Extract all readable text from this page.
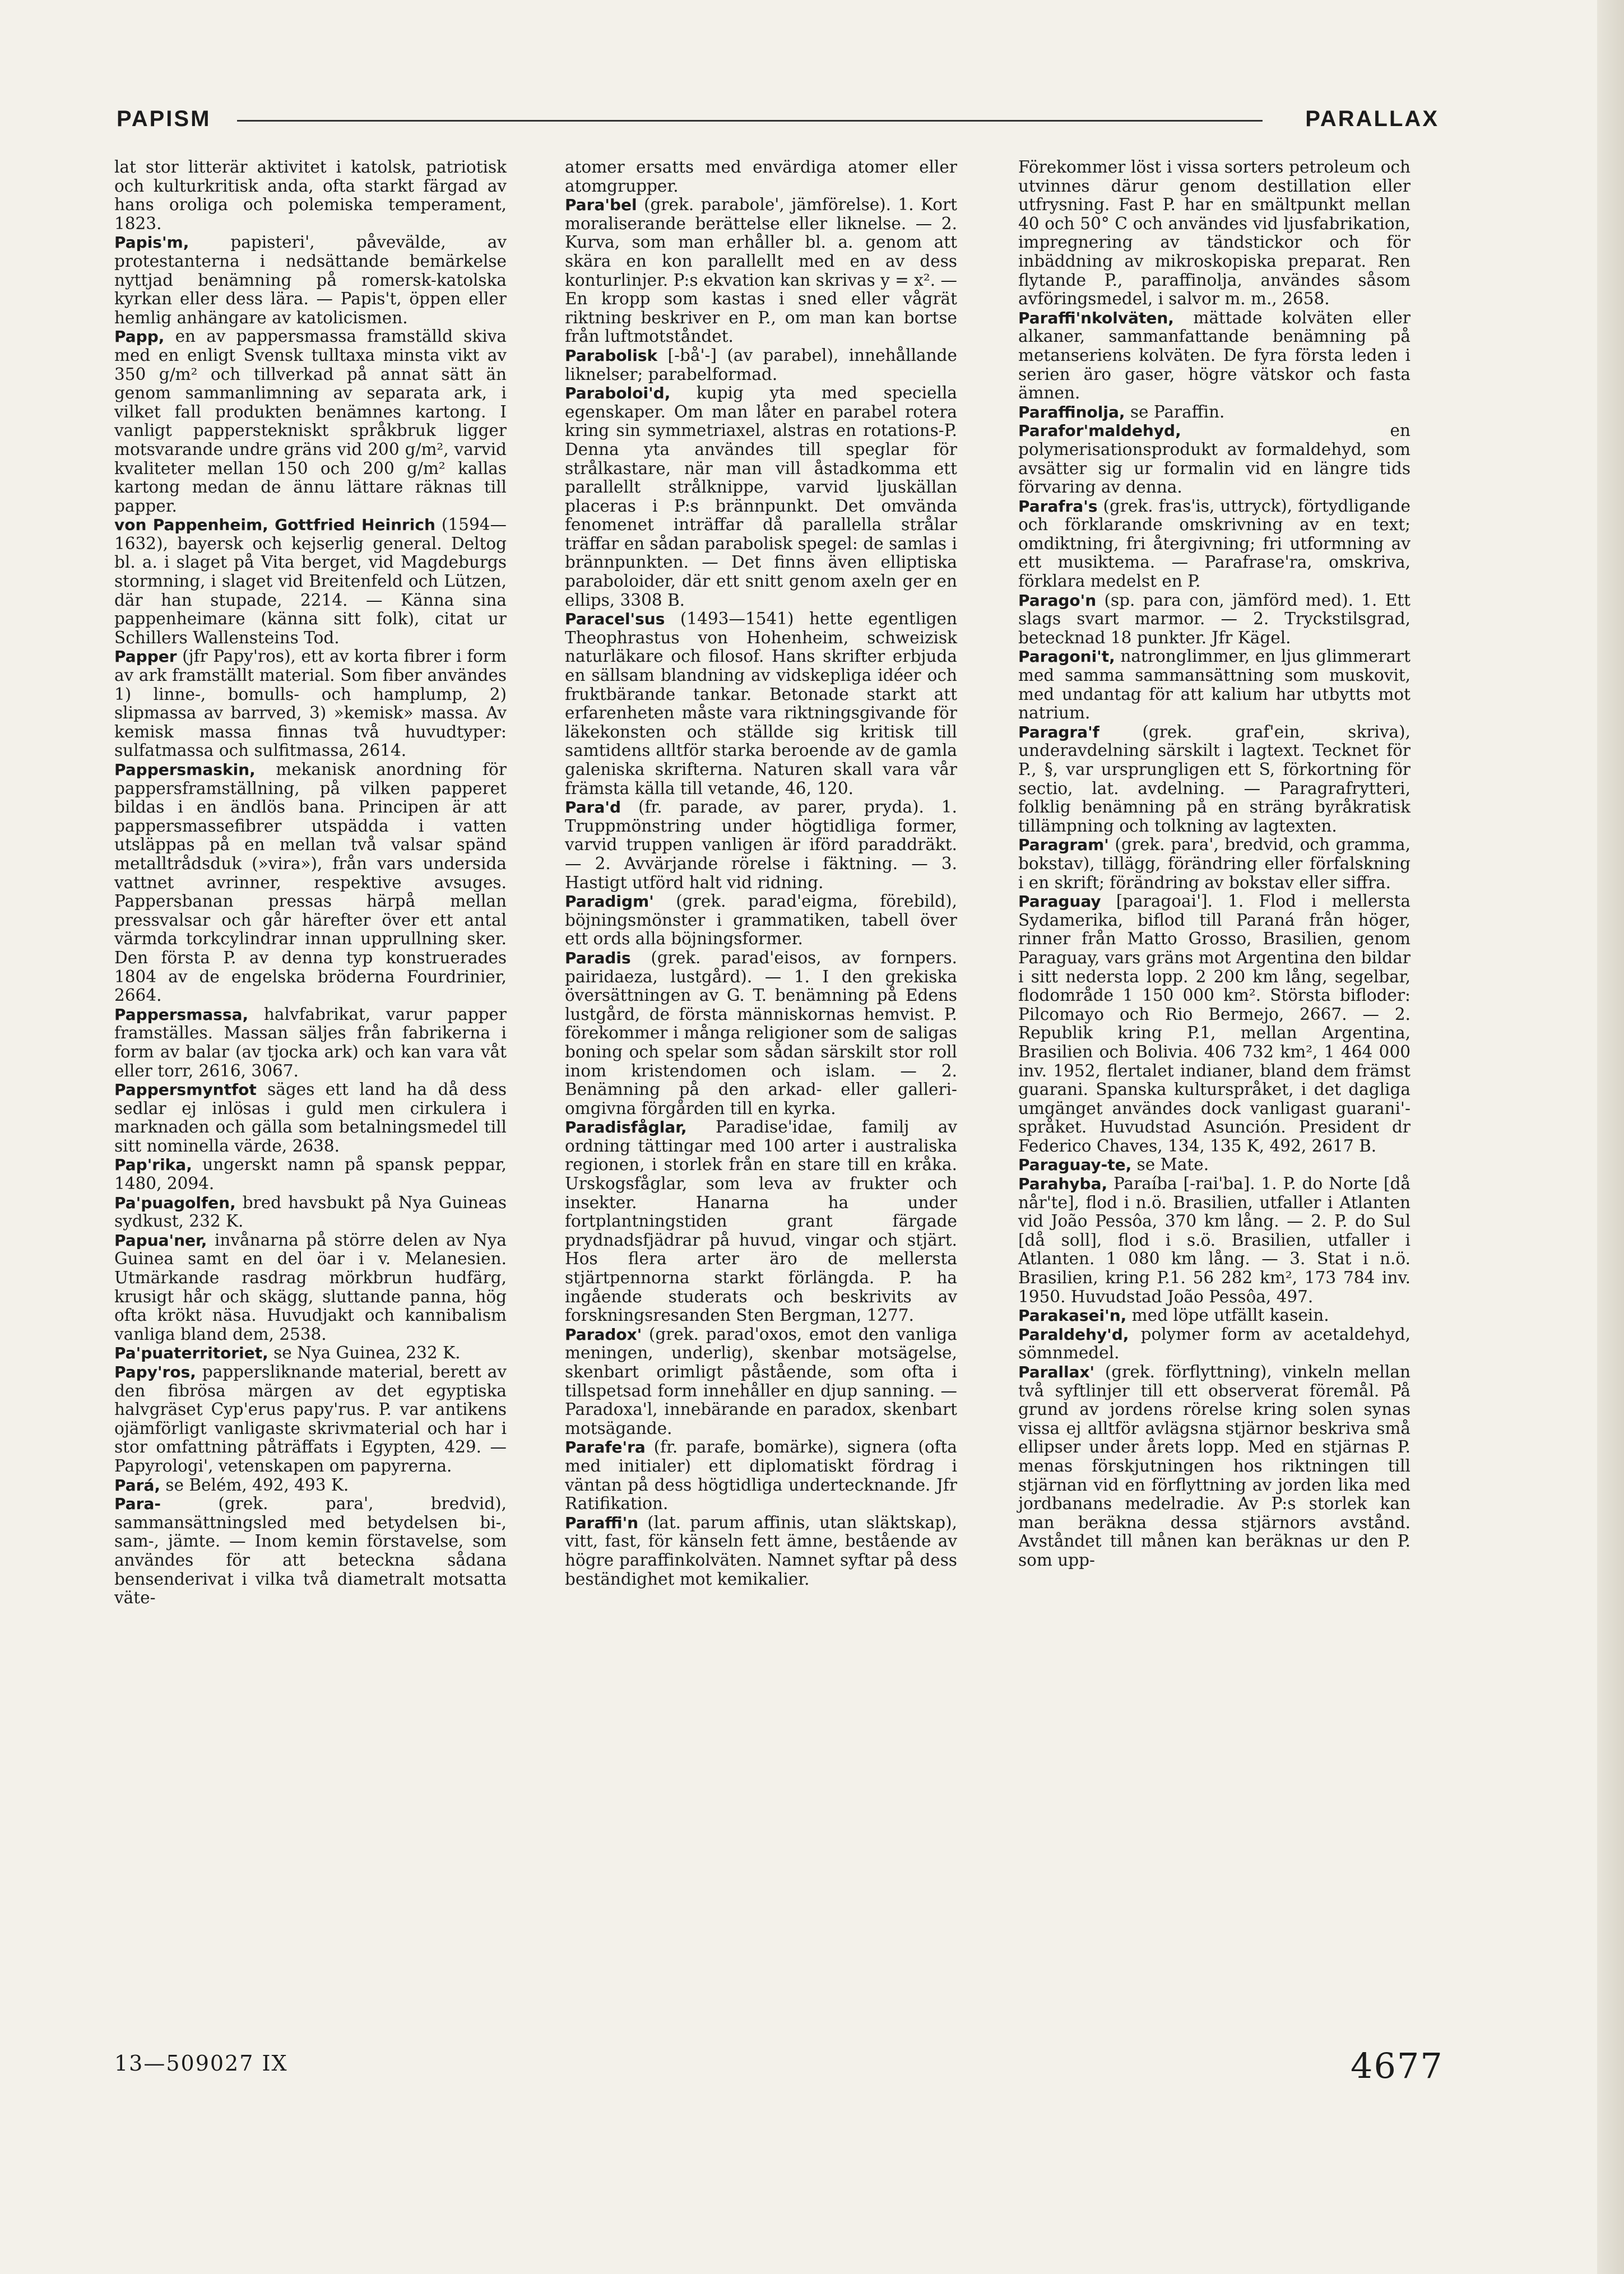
PAPISM	PARALLAX

lat stor litterär aktivitet i katolsk, patriotisk och kulturkritisk anda, ofta starkt färgad av hans oroliga och polemiska temperament, 1823.

Papis'm, papisteri', påvevälde, av protestanterna i nedsättande bemärkelse nyttjad benämning på romersk-katolska kyrkan eller dess lära. — Papis't, öppen eller hemlig anhängare av katolicismen.

Papp, en av pappersmassa framställd skiva med en enligt Svensk tulltaxa minsta vikt av 350 g/m² och tillverkad på annat sätt än genom sammanlimning av separata ark, i vilket fall produkten benämnes kartong. I vanligt papperstekniskt språkbruk ligger motsvarande undre gräns vid 200 g/m², varvid kvaliteter mellan 150 och 200 g/m² kallas kartong medan de ännu lättare räknas till papper.

von Pappenheim, Gottfried Heinrich (1594—1632), bayersk och kejserlig general. Deltog bl. a. i slaget på Vita berget, vid Magdeburgs stormning, i slaget vid Breitenfeld och Lützen, där han stupade, 2214. — Känna sina pappenheimare (känna sitt folk), citat ur Schillers Wallensteins Tod.

Papper (jfr Papy'ros), ett av korta fibrer i form av ark framställt material. Som fiber användes 1) linne-, bomulls- och hamplump, 2) slipmassa av barrved, 3) »kemisk» massa. Av kemisk massa finnas två huvudtyper: sulfatmassa och sulfitmassa, 2614.

Pappersmaskin, mekanisk anordning för pappersframställning, på vilken papperet bildas i en ändlös bana. Principen är att pappersmassefibrer utspädda i vatten utsläppas på en mellan två valsar spänd metalltrådsduk (»vira»), från vars undersida vattnet avrinner, respektive avsuges. Pappersbanan pressas härpå mellan pressvalsar och går härefter över ett antal värmda torkcylindrar innan upprullning sker. Den första P. av denna typ konstruerades 1804 av de engelska bröderna Fourdrinier, 2664.

Pappersmassa, halvfabrikat, varur papper framställes. Massan säljes från fabrikerna i form av balar (av tjocka ark) och kan vara våt eller torr, 2616, 3067.

Pappersmyntfot säges ett land ha då dess sedlar ej inlösas i guld men cirkulera i marknaden och gälla som betalningsmedel till sitt nominella värde, 2638.

Pap'rika, ungerskt namn på spansk peppar, 1480, 2094.

Pa'puagolfen, bred havsbukt på Nya Guineas sydkust, 232 K.

Papua'ner, invånarna på större delen av Nya Guinea samt en del öar i v. Melanesien. Utmärkande rasdrag mörkbrun hudfärg, krusigt hår och skägg, sluttande panna, hög ofta krökt näsa. Huvudjakt och kannibalism vanliga bland dem, 2538.

Pa'puaterritoriet, se Nya Guinea, 232 K.

Papy'ros, pappersliknande material, berett av den fibrösa märgen av det egyptiska halvgräset Cyp'erus papy'rus. P. var antikens ojämförligt vanligaste skrivmaterial och har i stor omfattning påträffats i Egypten, 429. — Papyrologi', vetenskapen om papyrerna.

Pará, se Belém, 492, 493 K.

Para- (grek. para', bredvid), sammansättningsled med betydelsen bi-, sam-, jämte. — Inom kemin förstavelse, som användes för att beteckna sådana bensenderivat i vilka två diametralt motsatta väte-

atomer ersatts med envärdiga atomer eller atomgrupper.

Para'bel (grek. parabole', jämförelse). 1. Kort moraliserande berättelse eller liknelse. — 2. Kurva, som man erhåller bl. a. genom att skära en kon parallellt med en av dess konturlinjer. P:s ekvation kan skrivas y = x². — En kropp som kastas i sned eller vågrät riktning beskriver en P., om man kan bortse från luftmotståndet.

Parabolisk [-bå'-] (av parabel), innehållande liknelser; parabelformad.

Paraboloi'd, kupig yta med speciella egenskaper. Om man låter en parabel rotera kring sin symmetriaxel, alstras en rotations-P. Denna yta användes till speglar för strålkastare, när man vill åstadkomma ett parallellt strålknippe, varvid ljuskällan placeras i P:s brännpunkt. Det omvända fenomenet inträffar då parallella strålar träffar en sådan parabolisk spegel: de samlas i brännpunkten. — Det finns även elliptiska paraboloider, där ett snitt genom axeln ger en ellips, 3308 B.

Paracel'sus (1493—1541) hette egentligen Theophrastus von Hohenheim, schweizisk naturläkare och filosof. Hans skrifter erbjuda en sällsam blandning av vidskepliga idéer och fruktbärande tankar. Betonade starkt att erfarenheten måste vara riktningsgivande för läkekonsten och ställde sig kritisk till samtidens alltför starka beroende av de gamla galeniska skrifterna. Naturen skall vara vår främsta källa till vetande, 46, 120.

Para'd (fr. parade, av parer, pryda). 1. Truppmönstring under högtidliga former, varvid truppen vanligen är iförd paraddräkt. — 2. Avvärjande rörelse i fäktning. — 3. Hastigt utförd halt vid ridning.

Paradigm' (grek. parad'eigma, förebild), böjningsmönster i grammatiken, tabell över ett ords alla böjningsformer.

Paradis (grek. parad'eisos, av fornpers. pairidaeza, lustgård). — 1. I den grekiska översättningen av G. T. benämning på Edens lustgård, de första människornas hemvist. P. förekommer i många religioner som de saligas boning och spelar som sådan särskilt stor roll inom kristendomen och islam. — 2. Benämning på den arkad- eller galleri-omgivna förgården till en kyrka.

Paradisfåglar, Paradise'idae, familj av ordning tättingar med 100 arter i australiska regionen, i storlek från en stare till en kråka. Urskogsfåglar, som leva av frukter och insekter. Hanarna ha under fortplantningstiden grant färgade prydnadsfjädrar på huvud, vingar och stjärt. Hos flera arter äro de mellersta stjärtpennorna starkt förlängda. P. ha ingående studerats och beskrivits av forskningsresanden Sten Bergman, 1277.

Paradox' (grek. parad'oxos, emot den vanliga meningen, underlig), skenbar motsägelse, skenbart orimligt påstående, som ofta i tillspetsad form innehåller en djup sanning. — Paradoxa'l, innebärande en paradox, skenbart motsägande.

Parafe'ra (fr. parafe, bomärke), signera (ofta med initialer) ett diplomatiskt fördrag i väntan på dess högtidliga undertecknande. Jfr Ratifikation.

Paraffi'n (lat. parum affinis, utan släktskap), vitt, fast, för känseln fett ämne, bestående av högre paraffinkolväten. Namnet syftar på dess beständighet mot kemikalier.

Förekommer löst i vissa sorters petroleum och utvinnes därur genom destillation eller utfrysning. Fast P. har en smältpunkt mellan 40 och 50° C och användes vid ljusfabrikation, impregnering av tändstickor och för inbäddning av mikroskopiska preparat. Ren flytande P., paraffinolja, användes såsom avföringsmedel, i salvor m. m., 2658.

Paraffi'nkolväten, mättade kolväten eller alkaner, sammanfattande benämning på metanseriens kolväten. De fyra första leden i serien äro gaser, högre vätskor och fasta ämnen.

Paraffinolja, se Paraffin.

Parafor'maldehyd, en polymerisationsprodukt av formaldehyd, som avsätter sig ur formalin vid en längre tids förvaring av denna.

Parafra's (grek. fras'is, uttryck), förtydligande och förklarande omskrivning av en text; omdiktning, fri återgivning; fri utformning av ett musiktema. — Parafrase'ra, omskriva, förklara medelst en P.

Parago'n (sp. para con, jämförd med). 1. Ett slags svart marmor. — 2. Tryckstilsgrad, betecknad 18 punkter. Jfr Kägel.

Paragoni't, natronglimmer, en ljus glimmerart med samma sammansättning som muskovit, med undantag för att kalium har utbytts mot natrium.

Paragra'f (grek. graf'ein, skriva), underavdelning särskilt i lagtext. Tecknet för P., §, var ursprungligen ett S, förkortning för sectio, lat. avdelning. — Paragrafrytteri, folklig benämning på en sträng byråkratisk tillämpning och tolkning av lagtexten.

Paragram' (grek. para', bredvid, och gramma, bokstav), tillägg, förändring eller förfalskning i en skrift; förändring av bokstav eller siffra.

Paraguay [paragoai']. 1. Flod i mellersta Sydamerika, biflod till Paraná från höger, rinner från Matto Grosso, Brasilien, genom Paraguay, vars gräns mot Argentina den bildar i sitt nedersta lopp. 2 200 km lång, segelbar, flodområde 1 150 000 km². Största bifloder: Pilcomayo och Rio Bermejo, 2667. — 2. Republik kring P.1, mellan Argentina, Brasilien och Bolivia. 406 732 km², 1 464 000 inv. 1952, flertalet indianer, bland dem främst guarani. Spanska kulturspråket, i det dagliga umgänget användes dock vanligast guarani'-språket. Huvudstad Asunción. President dr Federico Chaves, 134, 135 K, 492, 2617 B.

Paraguay-te, se Mate.

Parahyba, Paraíba [-rai'ba]. 1. P. do Norte [då når'te], flod i n.ö. Brasilien, utfaller i Atlanten vid João Pessôa, 370 km lång. — 2. P. do Sul [då soll], flod i s.ö. Brasilien, utfaller i Atlanten. 1 080 km lång. — 3. Stat i n.ö. Brasilien, kring P.1. 56 282 km², 173 784 inv. 1950. Huvudstad João Pessôa, 497.

Parakasei'n, med löpe utfällt kasein.

Paraldehy'd, polymer form av acetaldehyd, sömnmedel.

Parallax' (grek. förflyttning), vinkeln mellan två syftlinjer till ett observerat föremål. På grund av jordens rörelse kring solen synas vissa ej alltför avlägsna stjärnor beskriva små ellipser under årets lopp. Med en stjärnas P. menas förskjutningen hos riktningen till stjärnan vid en förflyttning av jorden lika med jordbanans medelradie. Av P:s storlek kan man beräkna dessa stjärnors avstånd. Avståndet till månen kan beräknas ur den P. som upp-

13—509027 IX	4677
